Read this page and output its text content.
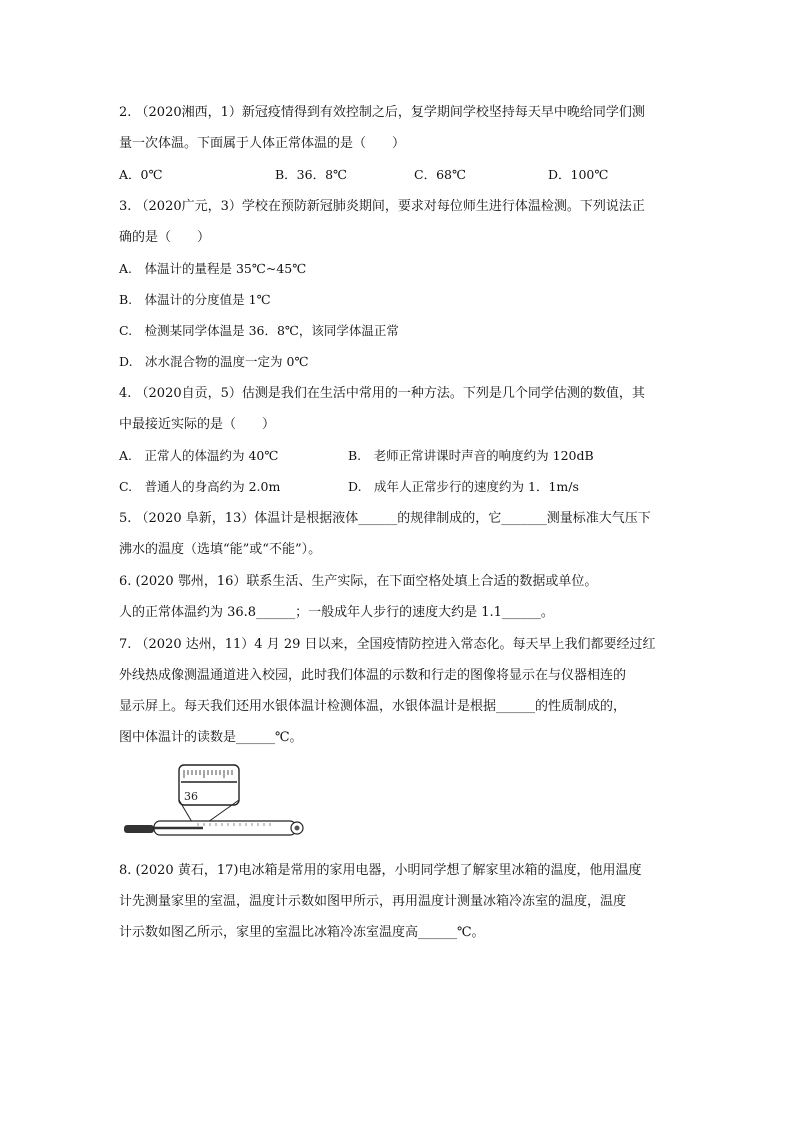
2. （2020湘西，1）新冠疫情得到有效控制之后，复学期间学校坚持每天早中晚给同学们测
量一次体温。下面属于人体正常体温的是（　　）
A．0℃	B．36．8℃	C．68℃	D．100℃
3. （2020广元，3）学校在预防新冠肺炎期间，要求对每位师生进行体温检测。下列说法正
确的是（　　）
A.　体温计的量程是 35℃~45℃
B.　体温计的分度值是 1℃
C.　检测某同学体温是 36．8℃，该同学体温正常
D.　冰水混合物的温度一定为 0℃
4. （2020自贡，5）估测是我们在生活中常用的一种方法。下列是几个同学估测的数值，其
中最接近实际的是（　　）
A.　正常人的体温约为 40℃	B.　老师正常讲课时声音的响度约为 120dB
C.　普通人的身高约为 2.0m	D.　成年人正常步行的速度约为 1．1m/s
5. （2020 阜新，13）体温计是根据液体______的规律制成的，它_______测量标准大气压下
沸水的温度（选填“能”或“不能”）。
6. (2020 鄂州，16）联系生活、生产实际，在下面空格处填上合适的数据或单位。
人的正常体温约为 36.8______；一般成年人步行的速度大约是 1.1______。
7. （2020 达州，11）4 月 29 日以来，全国疫情防控进入常态化。每天早上我们都要经过红
外线热成像测温通道进入校园，此时我们体温的示数和行走的图像将显示在与仪器相连的
显示屏上。每天我们还用水银体温计检测体温，水银体温计是根据______的性质制成的，
图中体温计的读数是______℃。
36
8. (2020 黄石，17)电冰箱是常用的家用电器，小明同学想了解家里冰箱的温度，他用温度
计先测量家里的室温，温度计示数如图甲所示，再用温度计测量冰箱冷冻室的温度，温度
计示数如图乙所示，家里的室温比冰箱冷冻室温度高______℃。
